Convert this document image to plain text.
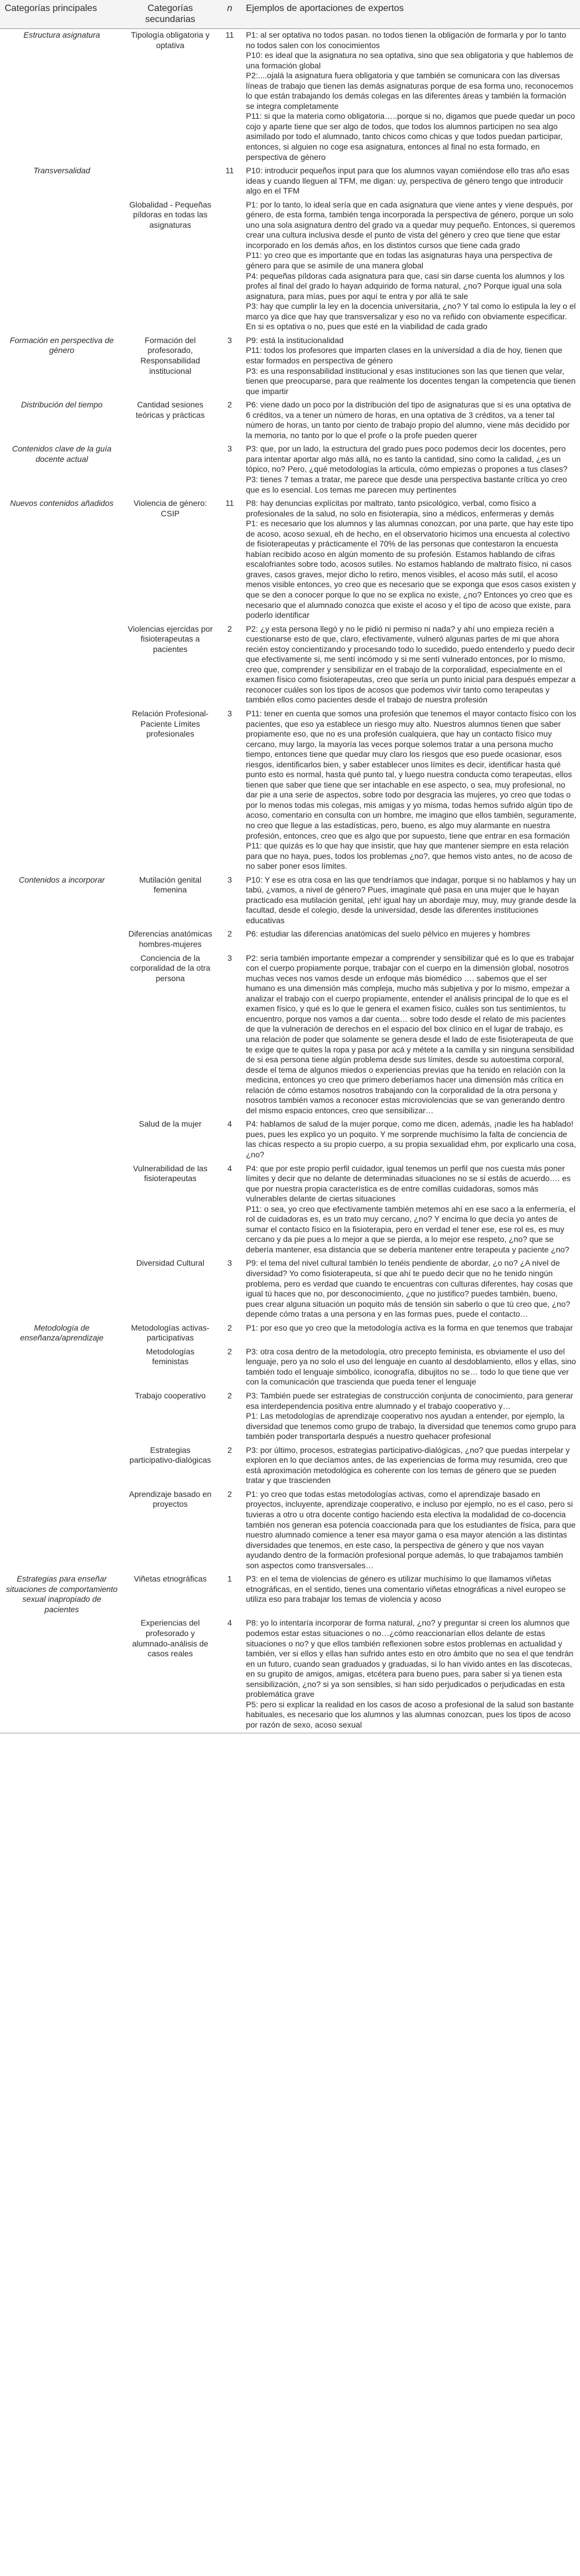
Categorías principales	Categorías secundarias	n	Ejemplos de aportaciones de expertos
Estructura asignatura	Tipología obligatoria y optativa	11	P1: al ser optativa no todos pasan. no todos tienen la obligación de formarla y por lo tanto no todos salen con los conocimientos

P10: es ideal que la asignatura no sea optativa, sino que sea obligatoria y que hablemos de una formación global

P2:....ojalá la asignatura fuera obligatoria y que también se comunicara con las diversas líneas de trabajo que tienen las demás asignaturas porque de esa forma uno, reconocemos lo que están trabajando los demás colegas en las diferentes áreas y también la formación se integra completamente

P11: si que la materia como obligatoria…..porque si no, digamos que puede quedar un poco cojo y aparte tiene que ser algo de todos, que todos los alumnos participen no sea algo asimilado por todo el alumnado, tanto chicos como chicas y que todos puedan participar, entonces, si alguien no coge esa asignatura, entonces al final no esta formado, en perspectiva de género

Transversalidad		11	P10: introducir pequeños input para que los alumnos vayan comiéndose ello tras año esas ideas y cuando lleguen al TFM, me digan: uy, perspectiva de género tengo que introducir algo en el TFM

	Globalidad - Pequeñas píldoras en todas las asignaturas		P1: por lo tanto, lo ideal sería que en cada asignatura que viene antes y viene después, por género, de esta forma, también tenga incorporada la perspectiva de género, porque un solo uno una sola asignatura dentro del grado va a quedar muy pequeño. Entonces, si queremos crear una cultura inclusiva desde el punto de vista del género y creo que tiene que estar incorporado en los demás años, en los distintos cursos que tiene cada grado

P11: yo creo que es importante que en todas las asignaturas haya una perspectiva de género para que se asimile de una manera global

P4: pequeñas píldoras cada asignatura para que, casi sin darse cuenta los alumnos y los profes al final del grado lo hayan adquirido de forma natural, ¿no? Porque igual una sola asignatura, para mías, pues por aquí te entra y por allá te sale

P3: hay que cumplir la ley en la docencia universitaria, ¿no? Y tal como lo estipula la ley o el marco ya dice que hay que transversalizar y eso no va reñido con obviamente especificar. En si es optativa o no, pues que esté en la viabilidad de cada grado

Formación en perspectiva de género	Formación del profesorado, Responsabilidad institucional	3	P9: está la institucionalidad

P11: todos los profesores que imparten clases en la universidad a día de hoy, tienen que estar formados en perspectiva de género

P3: es una responsabilidad institucional y esas instituciones son las que tienen que velar, tienen que preocuparse, para que realmente los docentes tengan la competencia que tienen que impartir

Distribución del tiempo	Cantidad sesiones teóricas y prácticas	2	P6: viene dado un poco por la distribución del tipo de asignaturas que si es una optativa de 6 créditos, va a tener un número de horas, en una optativa de 3 créditos, va a tener tal número de horas, un tanto por ciento de trabajo propio del alumno, viene más decidido por la memoria, no tanto por lo que el profe o la profe pueden querer

Contenidos clave de la guía docente actual		3	P3: que, por un lado, la estructura del grado pues poco podemos decir los docentes, pero para intentar aportar algo más allá, no es tanto la cantidad, sino como la calidad, ¿es un tópico, no? Pero, ¿qué metodologías la articula, cómo empiezas o propones a tus clases?

P3: tienes 7 temas a tratar, me parece que desde una perspectiva bastante crítica yo creo que es lo esencial. Los temas me parecen muy pertinentes

Nuevos contenidos añadidos	Violencia de género: CSIP	11	P8: hay denuncias explícitas por maltrato, tanto psicológico, verbal, como físico a profesionales de la salud, no solo en fisioterapia, sino a médicos, enfermeras y demás

P1: es necesario que los alumnos y las alumnas conozcan, por una parte, que hay este tipo de acoso, acoso sexual, eh de hecho, en el observatorio hicimos una encuesta al colectivo de fisioterapeutas y prácticamente el 70% de las personas que contestaron la encuesta habían recibido acoso en algún momento de su profesión. Estamos hablando de cifras escalofriantes sobre todo, acosos sutiles. No estamos hablando de maltrato físico, ni casos graves, casos graves, mejor dicho lo retiro, menos visibles, el acoso más sutil, el acoso menos visible entonces, yo creo que es necesario que se exponga que esos casos existen y que se den a conocer porque lo que no se explica no existe, ¿no? Entonces yo creo que es necesario que el alumnado conozca que existe el acoso y el tipo de acoso que existe, para poderlo identificar

	Violencias ejercidas por fisioterapeutas a pacientes	2	P2: ¿y esta persona llegó y no le pidió ni permiso ni nada? y ahí uno empieza recién a cuestionarse esto de que, claro, efectivamente, vulneró algunas partes de mi que ahora recién estoy concientizando y procesando todo lo sucedido, puedo entenderlo y puedo decir que efectivamente si, me sentí incómodo y si me sentí vulnerado entonces, por lo mismo, creo que, comprender y sensibilizar en el trabajo de la corporalidad, especialmente en el examen físico como fisioterapeutas, creo que sería un punto inicial para después empezar a reconocer cuáles son los tipos de acosos que podemos vivir tanto como terapeutas y también ellos como pacientes desde el trabajo de nuestra profesión

	Relación Profesional-Paciente Límites profesionales	3	P11: tener en cuenta que somos una profesión que tenemos el mayor contacto físico con los pacientes, que eso ya establece un riesgo muy alto. Nuestros alumnos tienen que saber propiamente eso, que no es una profesión cualquiera, que hay un contacto físico muy cercano, muy largo, la mayoría las veces porque solemos tratar a una persona mucho tiempo, entonces tiene que quedar muy claro los riesgos que eso puede ocasionar, esos riesgos, identificarlos bien, y saber establecer unos límites es decir, identificar hasta qué punto esto es normal, hasta qué punto tal, y luego nuestra conducta como terapeutas, ellos tienen que saber que tiene que ser intachable en ese aspecto, o sea, muy profesional, no dar pie a una serie de aspectos, sobre todo por desgracia las mujeres, yo creo que todas o por lo menos todas mis colegas, mis amigas y yo misma, todas hemos sufrido algún tipo de acoso, comentario en consulta con un hombre, me imagino que ellos también, seguramente, no creo que llegue a las estadísticas, pero, bueno, es algo muy alarmante en nuestra profesión, entonces, creo que es algo que por supuesto, tiene que entrar en esa formación

P11: que quizás es lo que hay que insistir, que hay que mantener siempre en esta relación para que no haya, pues, todos los problemas ¿no?, que hemos visto antes, no de acoso de no saber poner esos límites.

Contenidos a incorporar	Mutilación genital femenina	3	P10: Y ese es otra cosa en las que tendríamos que indagar, porque si no hablamos y hay un tabú, ¿vamos, a nivel de género? Pues, imagínate qué pasa en una mujer que le hayan practicado esa mutilación genital, ¡eh! igual hay un abordaje muy, muy, muy grande desde la facultad, desde el colegio, desde la universidad, desde las diferentes instituciones educativas

	Diferencias anatómicas hombres-mujeres	2	P6: estudiar las diferencias anatómicas del suelo pélvico en mujeres y hombres

	Conciencia de la corporalidad de la otra persona	3	P2: sería también importante empezar a comprender y sensibilizar qué es lo que es trabajar con el cuerpo propiamente porque, trabajar con el cuerpo en la dimensión global, nosotros muchas veces nos vamos desde un enfoque más biomédico …. sabemos que el ser humano es una dimensión más compleja, mucho más subjetiva y por lo mismo, empezar a analizar el trabajo con el cuerpo propiamente, entender el análisis principal de lo que es el examen físico, y qué es lo que le genera el examen físico, cuáles son tus sentimientos, tu encuentro, porque nos vamos a dar cuenta… sobre todo desde el relato de mis pacientes de que la vulneración de derechos en el espacio del box clínico en el lugar de trabajo, es una relación de poder que solamente se genera desde el lado de este fisioterapeuta de que te exige que te quites la ropa y pasa por acá y métete a la camilla y sin ninguna sensibilidad de si esa persona tiene algún problema desde sus límites, desde su autoestima corporal, desde el tema de algunos miedos o experiencias previas que ha tenido en relación con la medicina, entonces yo creo que primero deberíamos hacer una dimensión más crítica en relación de cómo estamos nosotros trabajando con la corporalidad de la otra persona y nosotros también vamos a reconocer estas microviolencias que se van generando dentro del mismo espacio entonces, creo que sensibilizar…

	Salud de la mujer	4	P4: hablamos de salud de la mujer porque, como me dicen, además, ¡nadie les ha hablado! pues, pues les explico yo un poquito. Y me sorprende muchísimo la falta de conciencia de las chicas respecto a su propio cuerpo, a su propia sexualidad ehm, por explicarlo una cosa, ¿no?

	Vulnerabilidad de las fisioterapeutas	4	P4: que por este propio perfil cuidador, igual tenemos un perfil que nos cuesta más poner límites y decir que no delante de determinadas situaciones no se si estás de acuerdo…. es que por nuestra propia característica es de entre comillas cuidadoras, somos más vulnerables delante de ciertas situaciones

P11: o sea, yo creo que efectivamente también metemos ahí en ese saco a la enfermería, el rol de cuidadoras es, es un trato muy cercano, ¿no? Y encima lo que decía yo antes de sumar el contacto físico en la fisioterapia, pero en verdad el tener ese, ese rol es, es muy cercano y da pie pues a lo mejor a que se pierda, a lo mejor ese respeto, ¿no? que se debería mantener, esa distancia que se debería mantener entre terapeuta y paciente ¿no?

	Diversidad Cultural	3	P9: el tema del nivel cultural también lo tenéis pendiente de abordar, ¿o no? ¿A nivel de diversidad? Yo como fisioterapeuta, sí que ahí te puedo decir que no he tenido ningún problema, pero es verdad que cuando te encuentras con culturas diferentes, hay cosas que igual tú haces que no, por desconocimiento, ¿que no justifico? puedes también, bueno, pues crear alguna situación un poquito más de tensión sin saberlo o que tú creo que, ¿no? depende cómo tratas a una persona y en las formas pues, puede el contacto…

Metodología de enseñanza/aprendizaje	Metodologías activas-participativas	2	P1: por eso que yo creo que la metodología activa es la forma en que tenemos que trabajar

	Metodologías feministas	2	P3: otra cosa dentro de la metodología, otro precepto feminista, es obviamente el uso del lenguaje, pero ya no solo el uso del lenguaje en cuanto al desdoblamiento, ellos y ellas, sino también todo el lenguaje simbólico, iconografía, dibujitos no se… todo lo que tiene que ver con la comunicación que trascienda que pueda tener el lenguaje

	Trabajo cooperativo	2	P3: También puede ser estrategias de construcción conjunta de conocimiento, para generar esa interdependencia positiva entre alumnado y el trabajo cooperativo y…

P1: Las metodologías de aprendizaje cooperativo nos ayudan a entender, por ejemplo, la diversidad que tenemos como grupo de trabajo, la diversidad que tenemos como grupo para también poder transportarla después a nuestro quehacer profesional

	Estrategias participativo-dialógicas	2	P3: por último, procesos, estrategias participativo-dialógicas, ¿no? que puedas interpelar y exploren en lo que decíamos antes, de las experiencias de forma muy resumida, creo que está aproximación metodológica es coherente con los temas de género que se pueden tratar y que trascienden

	Aprendizaje basado en proyectos	2	P1: yo creo que todas estas metodologías activas, como el aprendizaje basado en proyectos, incluyente, aprendizaje cooperativo, e incluso por ejemplo, no es el caso, pero si tuvieras a otro u otra docente contigo haciendo esta electiva la modalidad de co-docencia también nos generan esa potencia coaccionada para que los estudiantes de física, para que nuestro alumnado comience a tener esa mayor gama o esa mayor atención a las distintas diversidades que tenemos, en este caso, la perspectiva de género y que nos vayan ayudando dentro de la formación profesional porque además, lo que trabajamos también son aspectos como transversales…

Estrategias para enseñar situaciones de comportamiento sexual inapropiado de pacientes	Viñetas etnográficas	1	P3: en el tema de violencias de género es utilizar muchísimo lo que llamamos viñetas etnográficas, en el sentido, tienes una comentario viñetas etnográficas a nivel europeo se utiliza eso para trabajar los temas de violencia y acoso

	Experiencias del profesorado y alumnado-análisis de casos reales	4	P8: yo lo intentaría incorporar de forma natural, ¿no? y preguntar si creen los alumnos que podemos estar estas situaciones o no…¿cómo reaccionarían ellos delante de estas situaciones o no? y que ellos también reflexionen sobre estos problemas en actualidad y también, ver si ellos y ellas han sufrido antes esto en otro ámbito que no sea el que tendrán en un futuro, cuando sean graduados y graduadas, si lo han vivido antes en las discotecas, en su grupito de amigos, amigas, etcétera para bueno pues, para saber si ya tienen esta sensibilización, ¿no? si ya son sensibles, si han sido perjudicados o perjudicadas en esta problemática grave

P5: pero si explicar la realidad en los casos de acoso a profesional de la salud son bastante habituales, es necesario que los alumnos y las alumnas conozcan, pues los tipos de acoso por razón de sexo, acoso sexual
